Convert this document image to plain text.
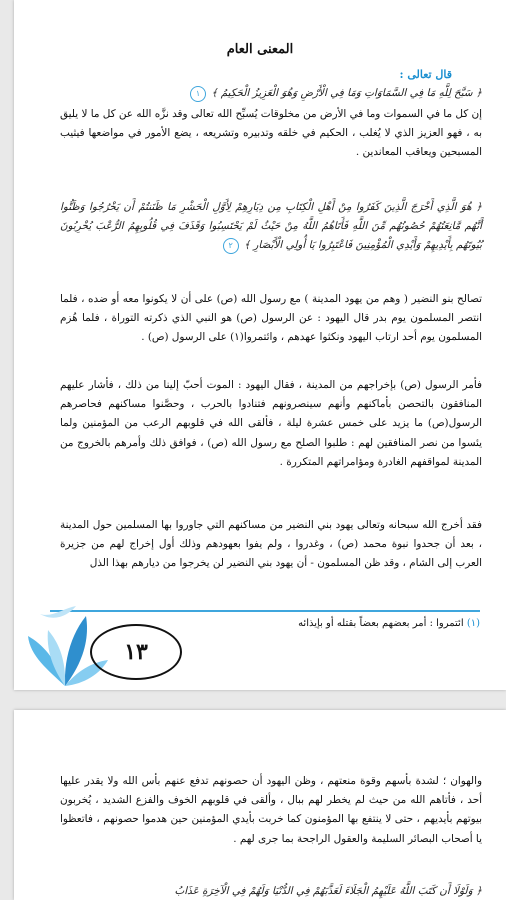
المعنى العام
قال تعالى :
﴿ سَبَّحَ لِلَّهِ مَا فِي السَّمَاوَاتِ وَمَا فِي الْأَرْضِ وَهُوَ الْعَزِيزُ الْحَكِيمُ ﴾ ١
إن كل ما في السموات وما في الأرض من مخلوقات يُسبِّح الله تعالى وقد نزَّه الله عن كل ما لا يليق به ، فهو العزيز الذي لا يُغلب ، الحكيم في خلقه وتدبيره وتشريعه ، يضع الأمور في مواضعها فيثيب المسبحين ويعاقب المعاندين .
﴿ هُوَ الَّذِي أَخْرَجَ الَّذِينَ كَفَرُوا مِنْ أَهْلِ الْكِتَابِ مِن دِيَارِهِمْ لِأَوَّلِ الْحَشْرِ مَا ظَنَنتُمْ أَن يَخْرُجُوا وَظَنُّوا أَنَّهُم مَّانِعَتُهُمْ حُصُونُهُم مِّنَ اللَّهِ فَأَتَاهُمُ اللَّهُ مِنْ حَيْثُ لَمْ يَحْتَسِبُوا وَقَذَفَ فِي قُلُوبِهِمُ الرُّعْبَ يُخْرِبُونَ بُيُوتَهُم بِأَيْدِيهِمْ وَأَيْدِي الْمُؤْمِنِينَ فَاعْتَبِرُوا يَا أُولِي الْأَبْصَارِ ﴾ ٢
تصالح بنو النضير ( وهم من يهود المدينة ) مع رسول الله (ص) على أن لا يكونوا معه أو ضده ، فلما انتصر المسلمون يوم بدر قال اليهود : عن الرسول (ص) هو النبي الذي ذكرته التوراة ، فلما هُزم المسلمون يوم أحد ارتاب اليهود ونكثوا عهدهم ، وائتمروا(١) على الرسول (ص) .
فأمر الرسول (ص) بإخراجهم من المدينة ، فقال اليهود : الموت أحبّ إلينا من ذلك ، فأشار عليهم المنافقون بالتحصن بأماكنهم وأنهم سينصرونهم فتنادوا بالحرب ، وحصَّنوا مساكنهم فحاصرهم الرسول(ص) ما يزيد على خمس عشرة ليلة ، فألقى الله في قلوبهم الرعب من المؤمنين ولما يئسوا من نصر المنافقين لهم : طلبوا الصلح مع رسول الله (ص) ، فوافق ذلك وأمرهم بالخروج من المدينة لمواقفهم الغادرة ومؤامراتهم المتكررة .
فقد أخرج الله سبحانه وتعالى يهود بني النضير من مساكنهم التي جاوروا بها المسلمين حول المدينة ، بعد أن جحدوا نبوة محمد (ص) ، وغدروا ، ولم يفوا بعهودهم وذلك أول إخراج لهم من جزيرة العرب إلى الشام ، وقد ظن المسلمون - أن يهود بني النضير لن يخرجوا من ديارهم بهذا الذل
(١) ائتمروا : أمر بعضهم بعضاً بقتله أو بإيذائه
١٣
والهوان ؛ لشدة بأسهم وقوة منعتهم ، وظن اليهود أن حصونهم تدفع عنهم بأس الله ولا يقدر عليها أحد ، فأتاهم الله من حيث لم يخطر لهم ببال ، وألقى في قلوبهم الخوف والفزع الشديد ، يُخربون بيوتهم بأيديهم ، حتى لا ينتفع بها المؤمنون كما خربت بأيدي المؤمنين حين هدموا حصونهم ، فاتعظوا يا أصحاب البصائر السليمة والعقول الراجحة بما جرى لهم .
﴿ وَلَوْلَا أَن كَتَبَ اللَّهُ عَلَيْهِمُ الْجَلَاءَ لَعَذَّبَهُمْ فِي الدُّنْيَا وَلَهُمْ فِي الْآخِرَةِ عَذَابُ
